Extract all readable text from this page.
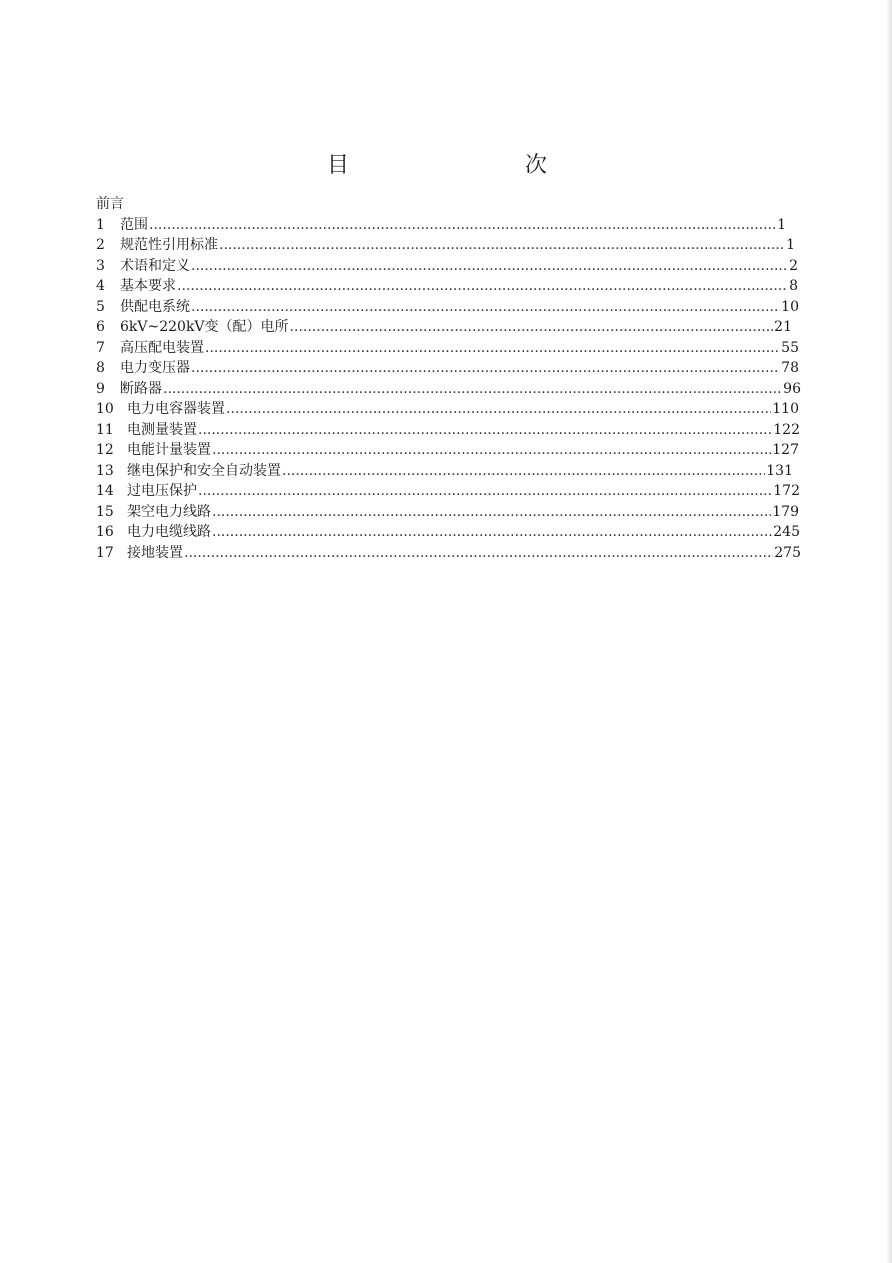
目　　次
前言
1	范围 .....	1
2	规范性引用标准 .....	1
3	术语和定义 .....	2
4	基本要求 .....	8
5	供配电系统 .....	10
6	6kV~220kV变（配）电所 .....	21
7	高压配电装置 .....	55
8	电力变压器 .....	78
9	断路器 .....	96
10 电力电容器装置 .....	110
11 电测量装置 .....	122
12 电能计量装置 .....	127
13 继电保护和安全自动装置 .....	131
14 过电压保护 .....	172
15 架空电力线路 .....	179
16 电力电缆线路 .....	245
17 接地装置 .....	275
